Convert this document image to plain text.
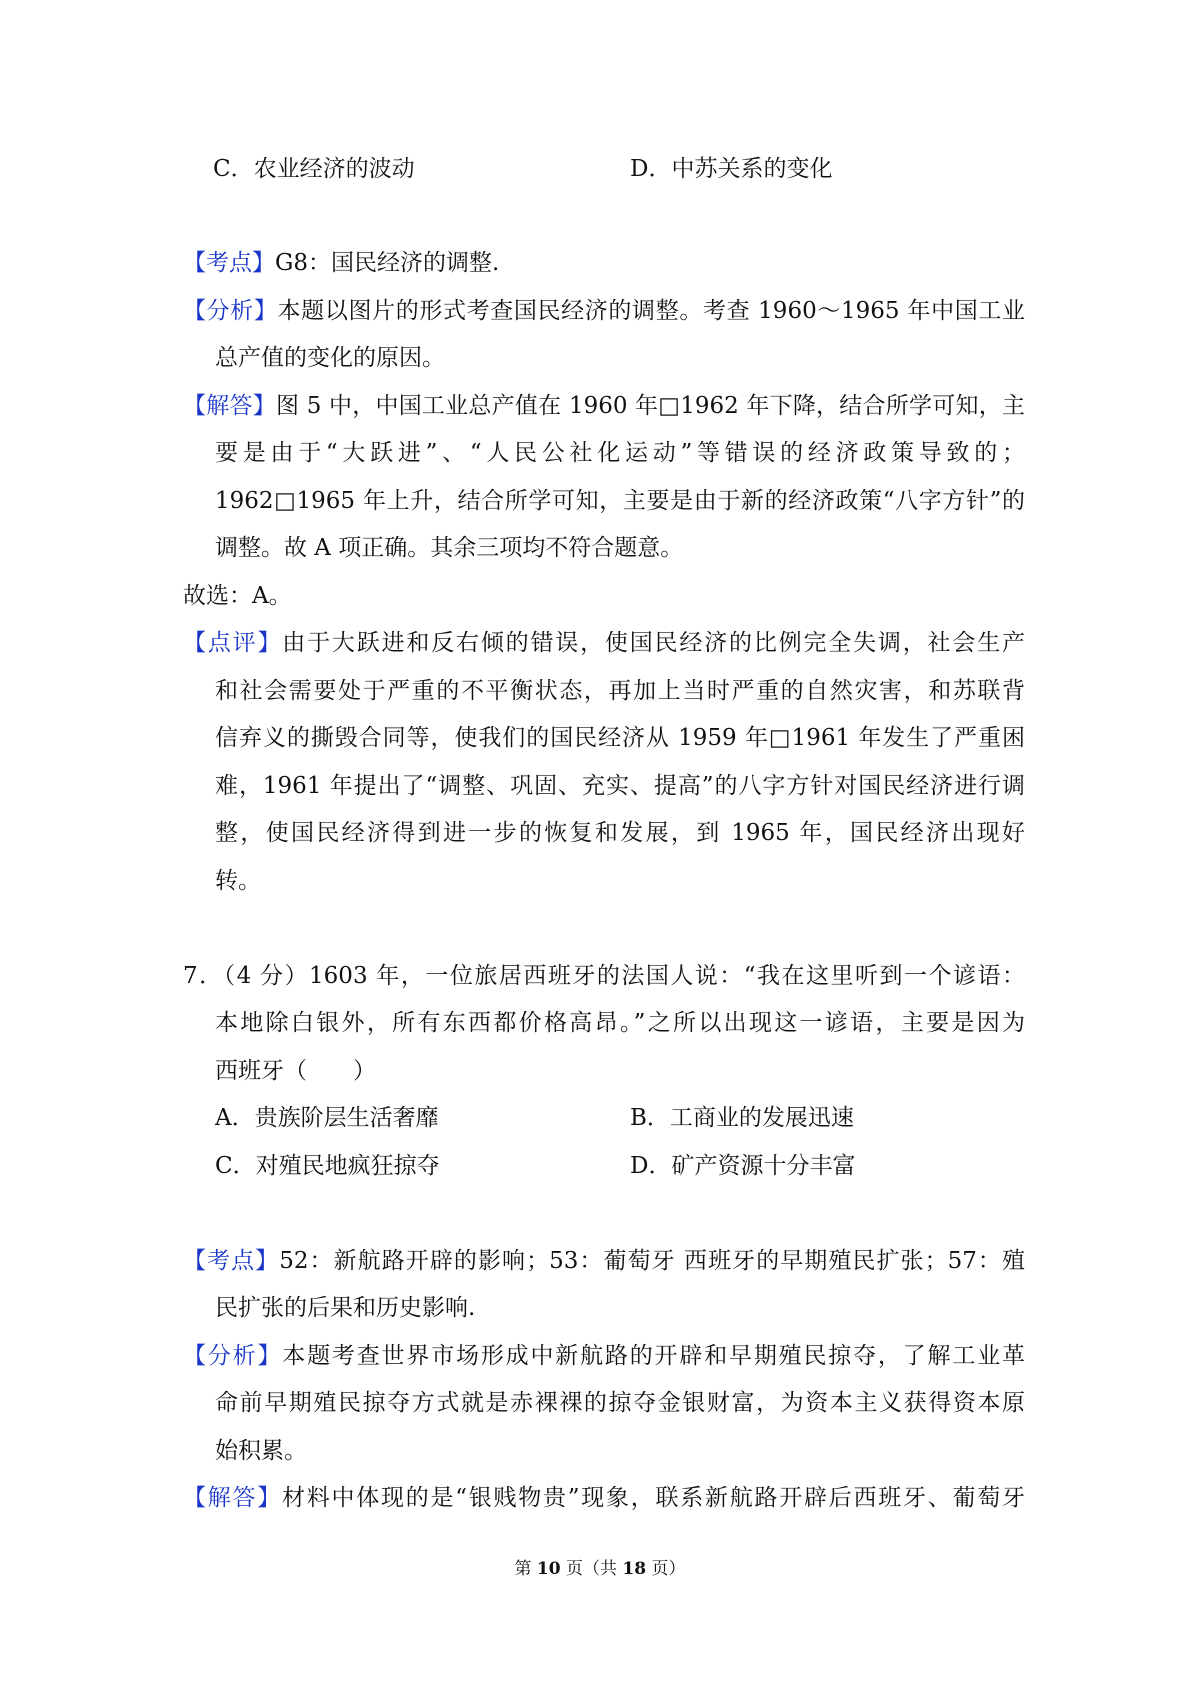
C．农业经济的波动	D．中苏关系的变化
【考点】G8：国民经济的调整.
【分析】本题以图片的形式考查国民经济的调整。考查 1960～1965 年中国工业
总产值的变化的原因。
【解答】图 5 中，中国工业总产值在 1960 年□1962 年下降，结合所学可知，主
要是由于“大跃进”、“人民公社化运动”等错误的经济政策导致的；
1962□1965 年上升，结合所学可知，主要是由于新的经济政策“八字方针”的
调整。故 A 项正确。其余三项均不符合题意。
故选：A。
【点评】由于大跃进和反右倾的错误，使国民经济的比例完全失调，社会生产
和社会需要处于严重的不平衡状态，再加上当时严重的自然灾害，和苏联背
信弃义的撕毁合同等，使我们的国民经济从 1959 年□1961 年发生了严重困
难，1961 年提出了“调整、巩固、充实、提高”的八字方针对国民经济进行调
整，使国民经济得到进一步的恢复和发展，到 1965 年，国民经济出现好
转。
7．（4 分）1603 年，一位旅居西班牙的法国人说：“我在这里听到一个谚语：
本地除白银外，所有东西都价格高昂。”之所以出现这一谚语，主要是因为
西班牙（　　）
A．贵族阶层生活奢靡	B．工商业的发展迅速
C．对殖民地疯狂掠夺	D．矿产资源十分丰富
【考点】52：新航路开辟的影响；53：葡萄牙 西班牙的早期殖民扩张；57：殖
民扩张的后果和历史影响.
【分析】本题考查世界市场形成中新航路的开辟和早期殖民掠夺，了解工业革
命前早期殖民掠夺方式就是赤裸裸的掠夺金银财富，为资本主义获得资本原
始积累。
【解答】材料中体现的是“银贱物贵”现象，联系新航路开辟后西班牙、葡萄牙
第 10 页（共 18 页）
